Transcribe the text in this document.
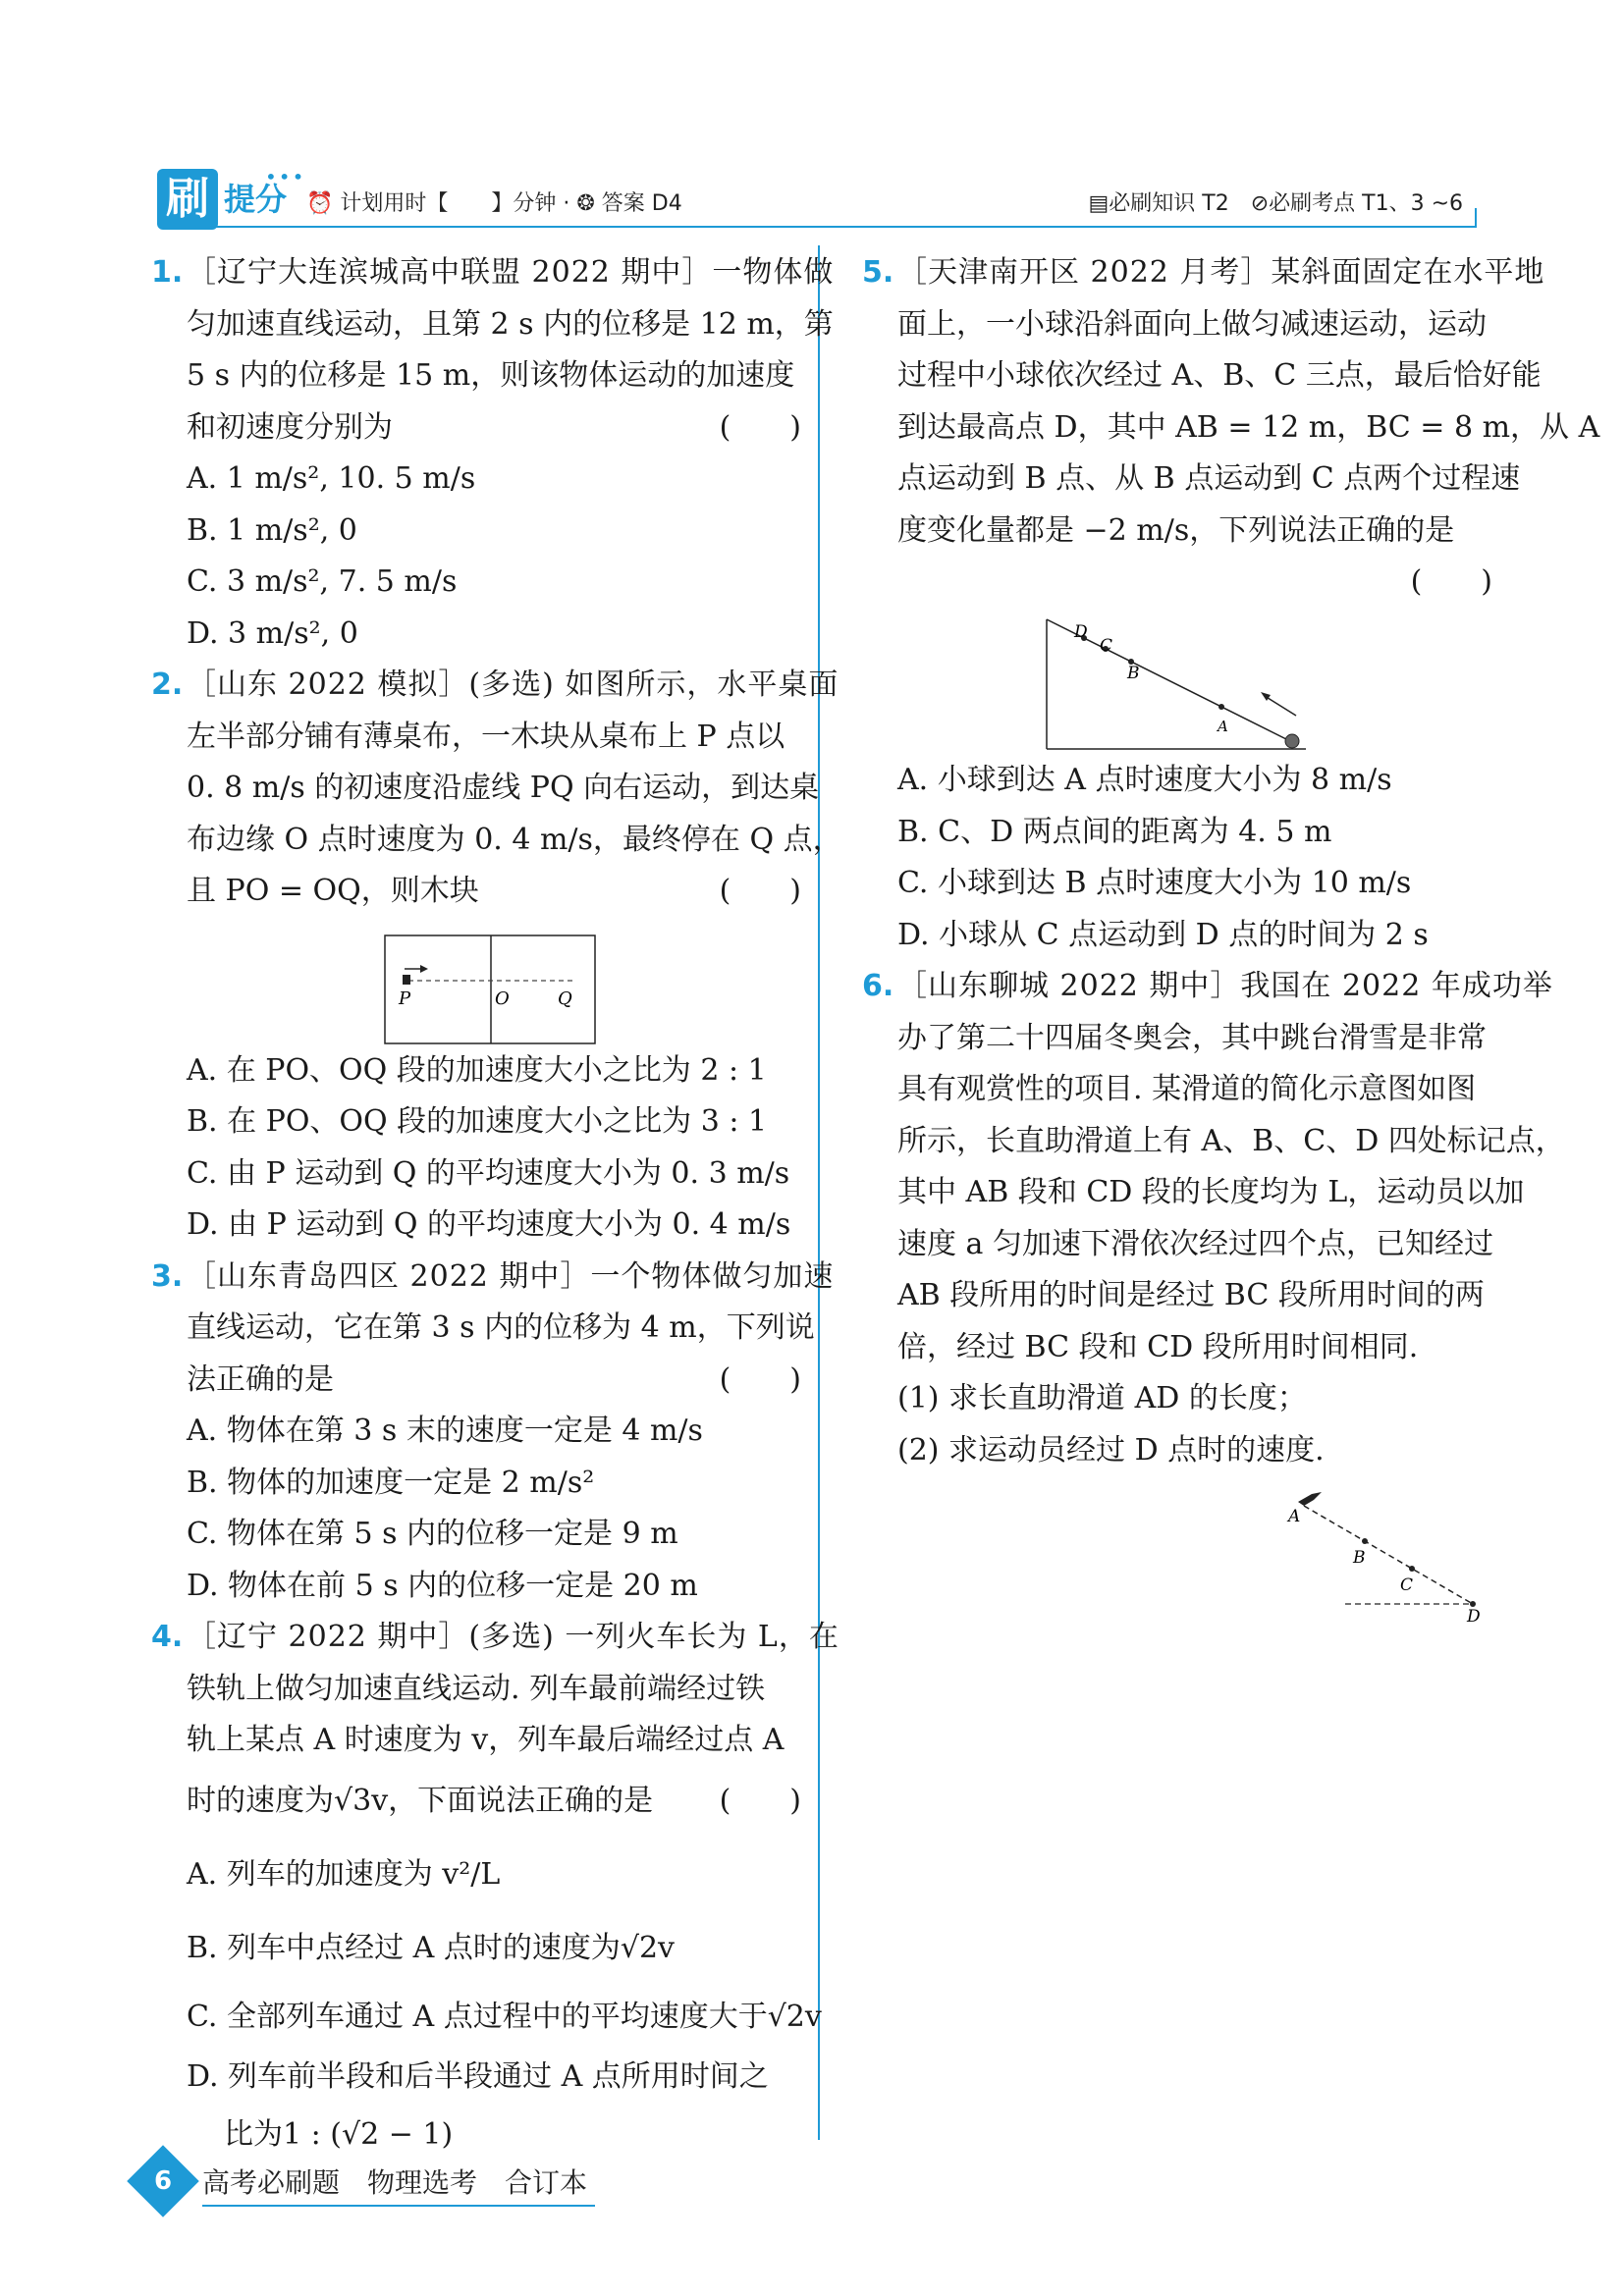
刷 提分
•••
⏰ 计划用时【　　】分钟 · ❂ 答案 D4	▤必刷知识 T2　⊘必刷考点 T1、3 ~6
1. ［辽宁大连滨城高中联盟 2022 期中］一物体做
匀加速直线运动，且第 2 s 内的位移是 12 m，第
5 s 内的位移是 15 m，则该物体运动的加速度
和初速度分别为	(　　)
A. 1 m/s², 10. 5 m/s
B. 1 m/s², 0
C. 3 m/s², 7. 5 m/s
D. 3 m/s², 0
2. ［山东 2022 模拟］(多选) 如图所示，水平桌面
左半部分铺有薄桌布，一木块从桌布上 P 点以
0. 8 m/s 的初速度沿虚线 PQ 向右运动，到达桌
布边缘 O 点时速度为 0. 4 m/s，最终停在 Q 点，
且 PO = OQ，则木块	(　　)
P	O	Q
A. 在 PO、OQ 段的加速度大小之比为 2 : 1
B. 在 PO、OQ 段的加速度大小之比为 3 : 1
C. 由 P 运动到 Q 的平均速度大小为 0. 3 m/s
D. 由 P 运动到 Q 的平均速度大小为 0. 4 m/s
3. ［山东青岛四区 2022 期中］一个物体做匀加速
直线运动，它在第 3 s 内的位移为 4 m，下列说
法正确的是	(　　)
A. 物体在第 3 s 末的速度一定是 4 m/s
B. 物体的加速度一定是 2 m/s²
C. 物体在第 5 s 内的位移一定是 9 m
D. 物体在前 5 s 内的位移一定是 20 m
4. ［辽宁 2022 期中］(多选) 一列火车长为 L，在
铁轨上做匀加速直线运动. 列车最前端经过铁
轨上某点 A 时速度为 v，列车最后端经过点 A
时的速度为√3v，下面说法正确的是 (　　)
A. 列车的加速度为 v²/L
B. 列车中点经过 A 点时的速度为√2v
C. 全部列车通过 A 点过程中的平均速度大于√2v
D. 列车前半段和后半段通过 A 点所用时间之
比为1 : (√2 − 1)
5. ［天津南开区 2022 月考］某斜面固定在水平地
面上，一小球沿斜面向上做匀减速运动，运动
过程中小球依次经过 A、B、C 三点，最后恰好能
到达最高点 D，其中 AB = 12 m，BC = 8 m，从 A
点运动到 B 点、从 B 点运动到 C 点两个过程速
度变化量都是 −2 m/s，下列说法正确的是
(　　)
D
C
B
A
A. 小球到达 A 点时速度大小为 8 m/s
B. C、D 两点间的距离为 4. 5 m
C. 小球到达 B 点时速度大小为 10 m/s
D. 小球从 C 点运动到 D 点的时间为 2 s
6. ［山东聊城 2022 期中］我国在 2022 年成功举
办了第二十四届冬奥会，其中跳台滑雪是非常
具有观赏性的项目. 某滑道的简化示意图如图
所示，长直助滑道上有 A、B、C、D 四处标记点，
其中 AB 段和 CD 段的长度均为 L，运动员以加
速度 a 匀加速下滑依次经过四个点，已知经过
AB 段所用的时间是经过 BC 段所用时间的两
倍，经过 BC 段和 CD 段所用时间相同.
(1) 求长直助滑道 AD 的长度；
(2) 求运动员经过 D 点时的速度.
A
B
C
D
6	高考必刷题　物理选考　合订本
